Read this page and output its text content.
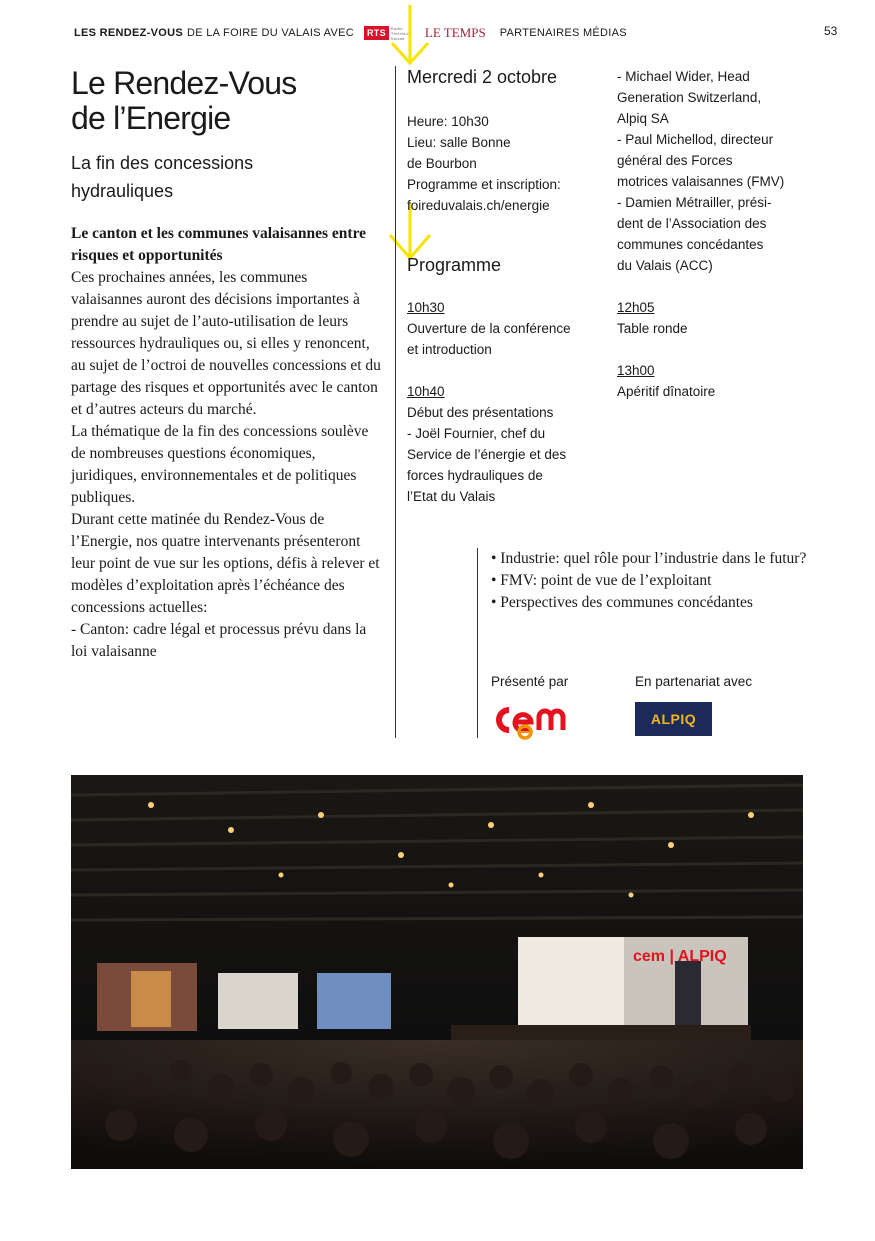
LES RENDEZ-VOUS DE LA FOIRE DU VALAIS AVEC	RTS	Radio Télévision Suisse	LE TEMPS PARTENAIRES MÉDIAS	53
Le Rendez-Vous
de l’Energie
La fin des concessions
hydrauliques

Le canton et les communes valaisannes entre risques et opportunités

Ces prochaines années, les communes valaisannes auront des décisions importantes à prendre au sujet de l’auto-utilisation de leurs ressources hydrauliques ou, si elles y renoncent, au sujet de l’octroi de nouvelles concessions et du partage des risques et opportunités avec le canton et d’autres acteurs du marché.

La thématique de la fin des concessions soulève de nombreuses questions économiques, juridiques, environnementales et de politiques publiques.

Durant cette matinée du Rendez-Vous de l’Energie, nos quatre intervenants présenteront leur point de vue sur les options, défis à relever et modèles d’exploitation après l’échéance des concessions actuelles:

- Canton: cadre légal et processus prévu dans la loi valaisanne

Mercredi 2 octobre
Heure: 10h30
Lieu: salle Bonne
de Bourbon
Programme et inscription:
foireduvalais.ch/energie
Programme
10h30
Ouverture de la conférence
et introduction
10h40
Début des présentations
- Joël Fournier, chef du
Service de l’énergie et des
forces hydrauliques de
l’Etat du Valais
- Michael Wider, Head
Generation Switzerland,
Alpiq SA
- Paul Michellod, directeur
général des Forces
motrices valaisannes (FMV)
- Damien Métrailler, prési-
dent de l’Association des
communes concédantes
du Valais (ACC)
12h05
Table ronde
13h00
Apéritif dînatoire
• Industrie: quel rôle pour l’industrie dans le futur?
• FMV: point de vue de l’exploitant
• Perspectives des communes concédantes
Présenté par	En partenariat avec
ALPIQ
cem | ALPIQ
